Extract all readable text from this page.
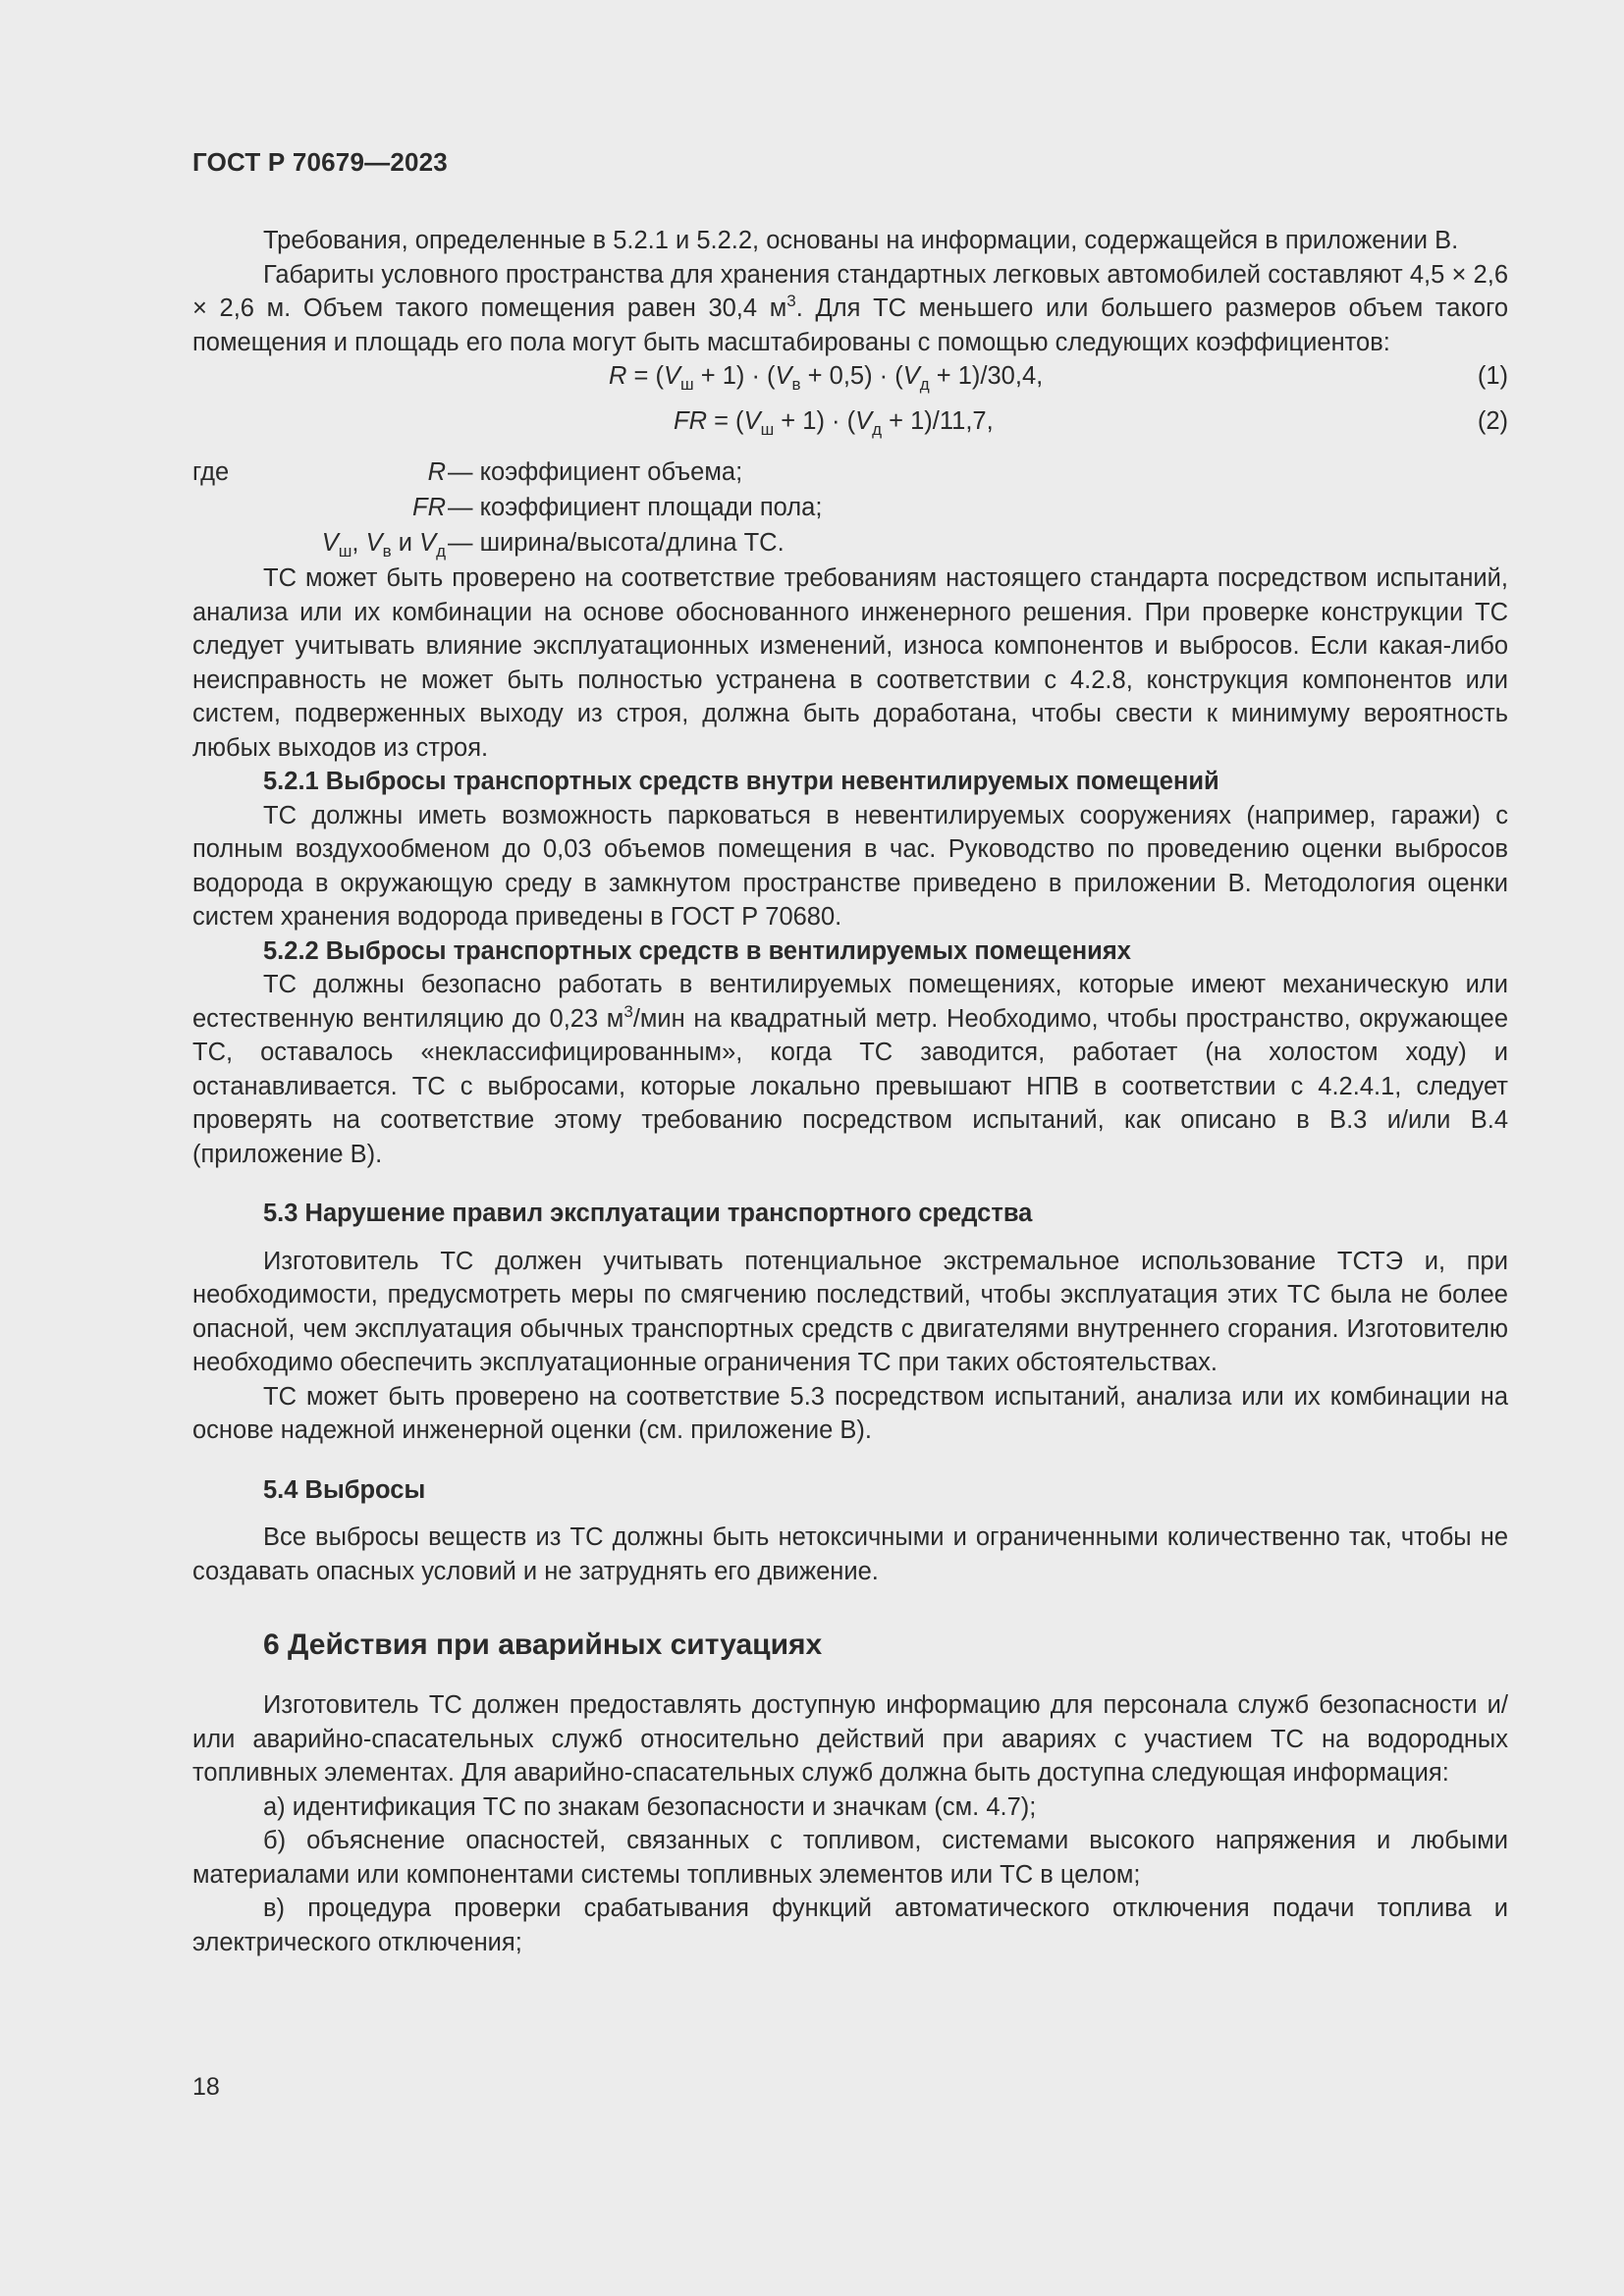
ГОСТ Р 70679—2023

Требования, определенные в 5.2.1 и 5.2.2, основаны на информации, содержащейся в приложении В.

Габариты условного пространства для хранения стандартных легковых автомобилей составляют 4,5 × 2,6 × 2,6 м. Объем такого помещения равен 30,4 $м^3$. Для ТС меньшего или большего размеров объем такого помещения и площадь его пола могут быть масштабированы с помощью следующих коэффициентов:

$R = (V_ш + 1) \cdot (V_в + 0,5) \cdot (V_д + 1)/30,4$,	(1)
FR = $(V_ш + 1) \cdot (V_д + 1)/11,7$,	(2)
где	R — коэффициент объема;
FR — коэффициент площади пола;
$V_ш$, $V_в$ и $V_д$ — ширина/высота/длина ТС.

ТС может быть проверено на соответствие требованиям настоящего стандарта посредством испытаний, анализа или их комбинации на основе обоснованного инженерного решения. При проверке конструкции ТС следует учитывать влияние эксплуатационных изменений, износа компонентов и выбросов. Если какая-либо неисправность не может быть полностью устранена в соответствии с 4.2.8, конструкция компонентов или систем, подверженных выходу из строя, должна быть доработана, чтобы свести к минимуму вероятность любых выходов из строя.

5.2.1 Выбросы транспортных средств внутри невентилируемых помещений

ТС должны иметь возможность парковаться в невентилируемых сооружениях (например, гаражи) с полным воздухообменом до 0,03 объемов помещения в час. Руководство по проведению оценки выбросов водорода в окружающую среду в замкнутом пространстве приведено в приложении В. Методология оценки систем хранения водорода приведены в ГОСТ Р 70680.

5.2.2 Выбросы транспортных средств в вентилируемых помещениях

ТС должны безопасно работать в вентилируемых помещениях, которые имеют механическую или естественную вентиляцию до 0,23 $м^3$/мин на квадратный метр. Необходимо, чтобы пространство, окружающее ТС, оставалось «неклассифицированным», когда ТС заводится, работает (на холостом ходу) и останавливается. ТС с выбросами, которые локально превышают НПВ в соответствии с 4.2.4.1, следует проверять на соответствие этому требованию посредством испытаний, как описано в В.3 и/или В.4 (приложение В).

5.3 Нарушение правил эксплуатации транспортного средства

Изготовитель ТС должен учитывать потенциальное экстремальное использование ТСТЭ и, при необходимости, предусмотреть меры по смягчению последствий, чтобы эксплуатация этих ТС была не более опасной, чем эксплуатация обычных транспортных средств с двигателями внутреннего сгорания. Изготовителю необходимо обеспечить эксплуатационные ограничения ТС при таких обстоятельствах.

ТС может быть проверено на соответствие 5.3 посредством испытаний, анализа или их комбинации на основе надежной инженерной оценки (см. приложение В).

5.4 Выбросы

Все выбросы веществ из ТС должны быть нетоксичными и ограниченными количественно так, чтобы не создавать опасных условий и не затруднять его движение.

6 Действия при аварийных ситуациях

Изготовитель ТС должен предоставлять доступную информацию для персонала служб безопасности и/или аварийно-спасательных служб относительно действий при авариях с участием ТС на водородных топливных элементах. Для аварийно-спасательных служб должна быть доступна следующая информация:

а) идентификация ТС по знакам безопасности и значкам (см. 4.7);

б) объяснение опасностей, связанных с топливом, системами высокого напряжения и любыми материалами или компонентами системы топливных элементов или ТС в целом;

в) процедура проверки срабатывания функций автоматического отключения подачи топлива и электрического отключения;

18
